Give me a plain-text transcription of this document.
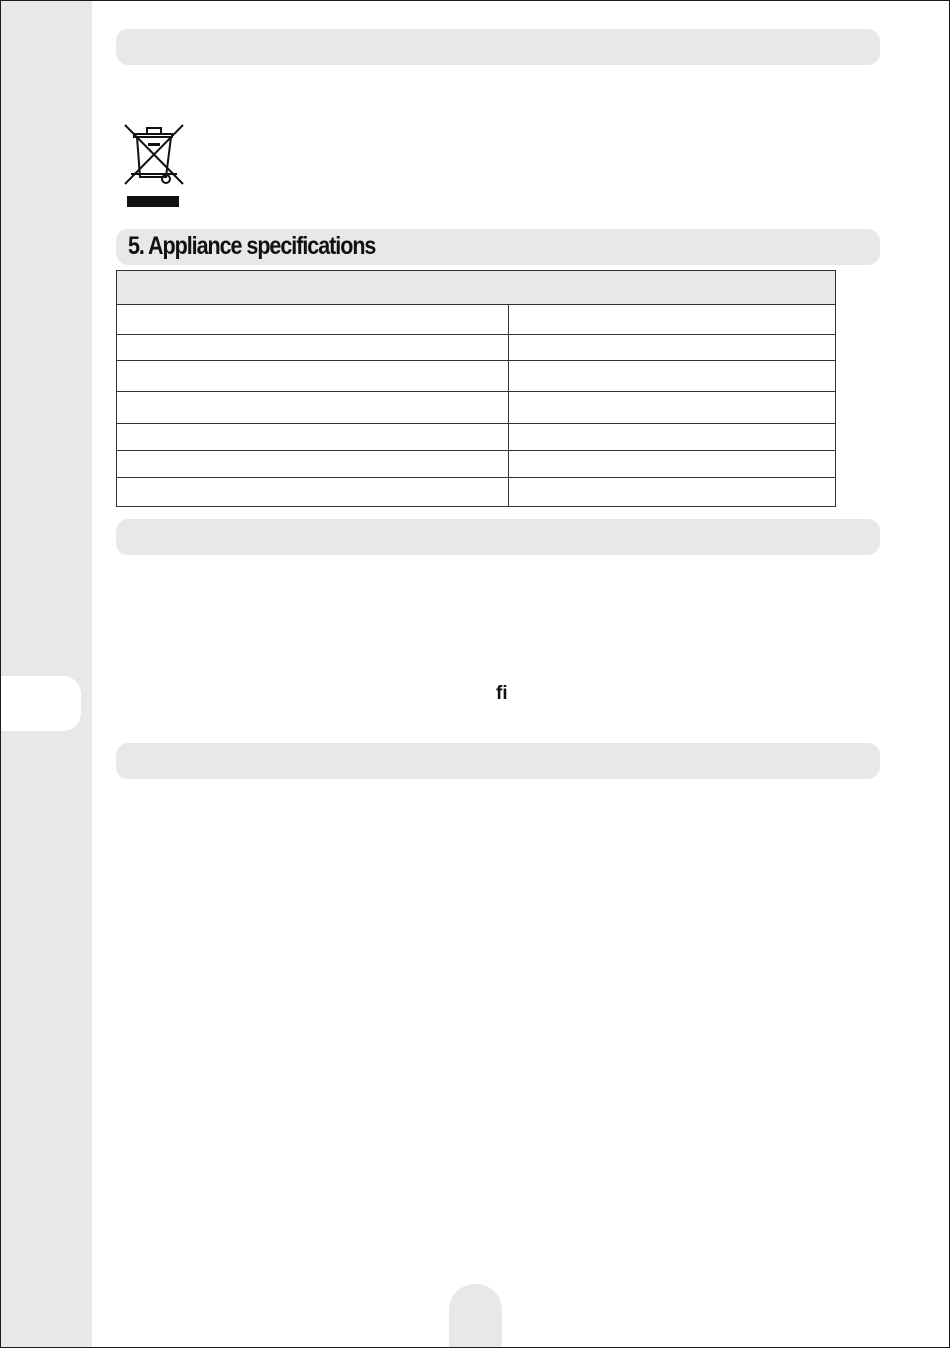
5. Appliance specifications

ﬁ
